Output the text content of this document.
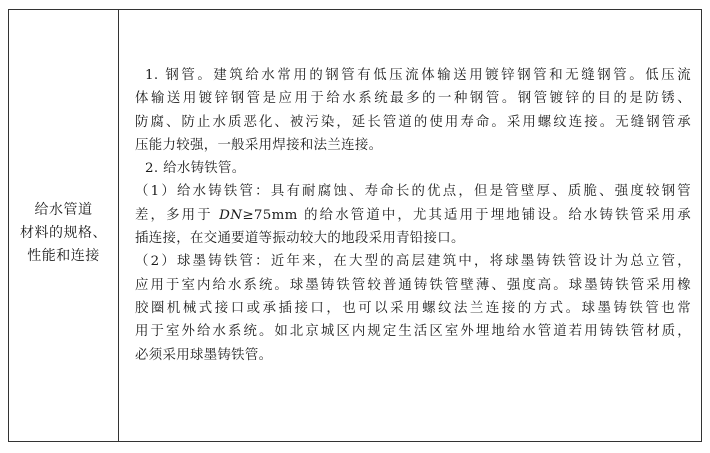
给水管道
材料的规格、
性能和连接
1. 钢管。建筑给水常用的钢管有低压流体输送用镀锌钢管和无缝钢管。低压流
体输送用镀锌钢管是应用于给水系统最多的一种钢管。钢管镀锌的目的是防锈、
防腐、防止水质恶化、被污染，延长管道的使用寿命。采用螺纹连接。无缝钢管承
压能力较强，一般采用焊接和法兰连接。
2. 给水铸铁管。
（1）给水铸铁管：具有耐腐蚀、寿命长的优点，但是管壁厚、质脆、强度较钢管
差，多用于 DN≥75mm 的给水管道中，尤其适用于埋地铺设。给水铸铁管采用承
插连接，在交通要道等振动较大的地段采用青铅接口。
（2）球墨铸铁管：近年来，在大型的高层建筑中，将球墨铸铁管设计为总立管，
应用于室内给水系统。球墨铸铁管较普通铸铁管壁薄、强度高。球墨铸铁管采用橡
胶圈机械式接口或承插接口，也可以采用螺纹法兰连接的方式。球墨铸铁管也常
用于室外给水系统。如北京城区内规定生活区室外埋地给水管道若用铸铁管材质，
必须采用球墨铸铁管。
